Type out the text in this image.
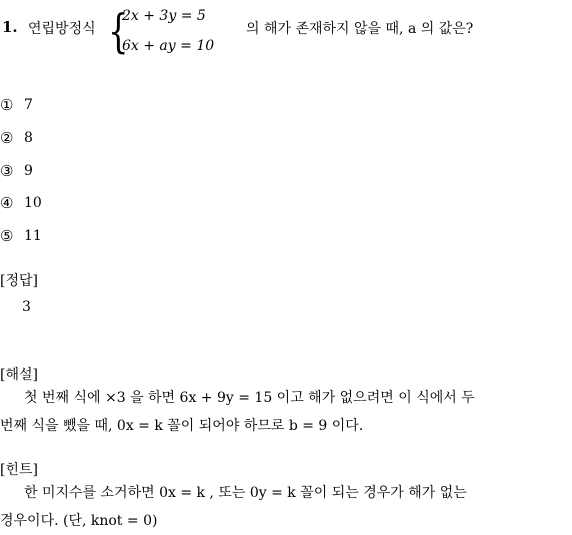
1. 연립방정식 {
2x + 3y = 5
6x + ay = 10
의 해가 존재하지 않을 때, a 의 값은?
① 7
② 8
③ 9
④ 10
⑤ 11
[정답]
3
[해설]
첫 번째 식에 ×3 을 하면 6x + 9y = 15 이고 해가 없으려면 이 식에서 두
번째 식을 뺐을 때, 0x = k 꼴이 되어야 하므로 b = 9 이다.
[힌트]
한 미지수를 소거하면 0x = k , 또는 0y = k 꼴이 되는 경우가 해가 없는
경우이다. (단, knot = 0)
